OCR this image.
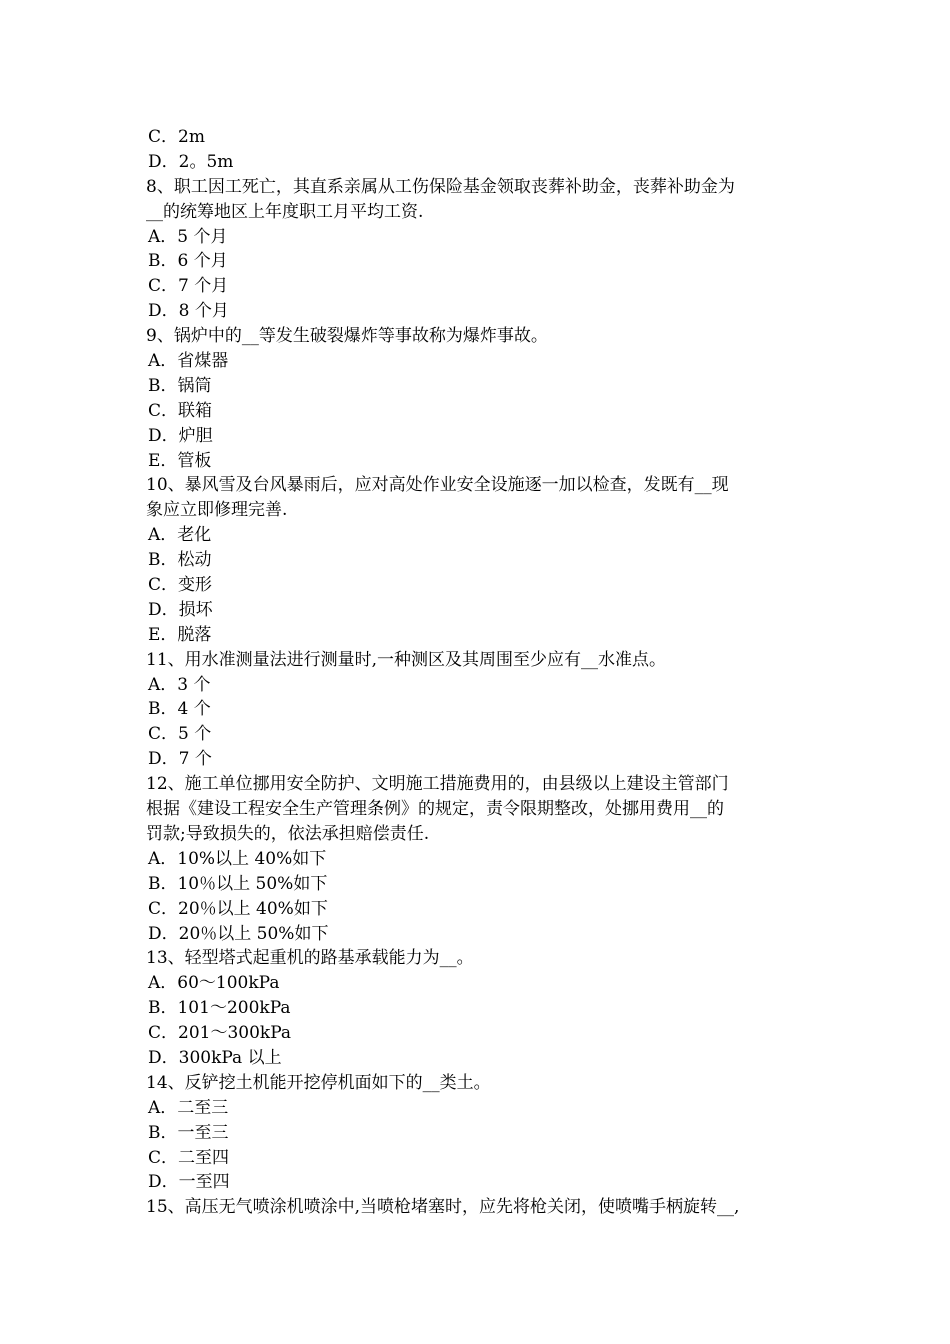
C．2m
D．2。5m
8、职工因工死亡，其直系亲属从工伤保险基金领取丧葬补助金，丧葬补助金为
__的统筹地区上年度职工月平均工资.
A．5 个月
B．6 个月
C．7 个月
D．8 个月
9、锅炉中的__等发生破裂爆炸等事故称为爆炸事故。
A．省煤器
B．锅筒
C．联箱
D．炉胆
E．管板
10、暴风雪及台风暴雨后，应对高处作业安全设施逐一加以检查，发既有__现
象应立即修理完善.
A．老化
B．松动
C．变形
D．损坏
E．脱落
11、用水准测量法进行测量时,一种测区及其周围至少应有__水准点。
A．3 个
B．4 个
C．5 个
D．7 个
12、施工单位挪用安全防护、文明施工措施费用的，由县级以上建设主管部门
根据《建设工程安全生产管理条例》的规定，责令限期整改，处挪用费用__的
罚款;导致损失的，依法承担赔偿责任.
A．10%以上 40%如下
B．10％以上 50%如下
C．20％以上 40%如下
D．20％以上 50%如下
13、轻型塔式起重机的路基承载能力为__。
A．60～100kPa
B．101～200kPa
C．201～300kPa
D．300kPa 以上
14、反铲挖土机能开挖停机面如下的__类土。
A．二至三
B．一至三
C．二至四
D．一至四
15、高压无气喷涂机喷涂中,当喷枪堵塞时，应先将枪关闭，使喷嘴手柄旋转__,
